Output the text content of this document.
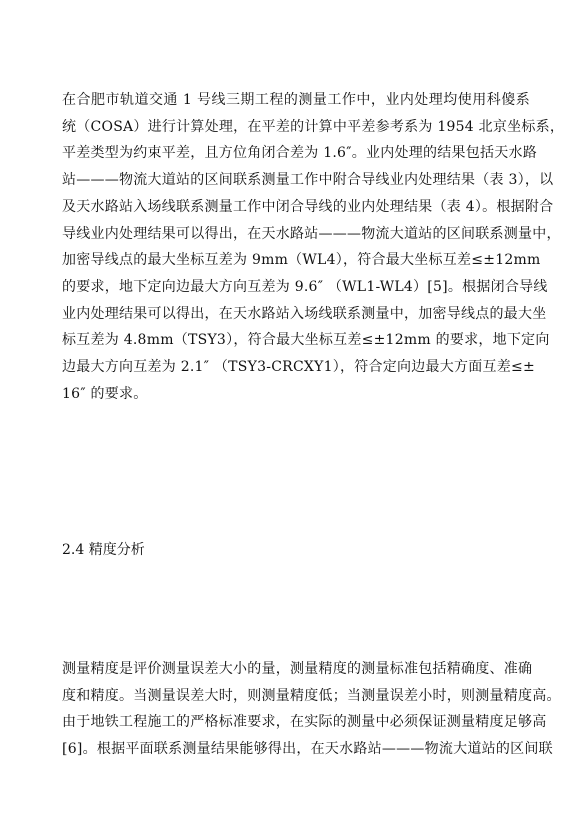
在合肥市轨道交通 1 号线三期工程的测量工作中，业内处理均使用科傻系
统（COSA）进行计算处理，在平差的计算中平差参考系为 1954 北京坐标系，
平差类型为约束平差，且方位角闭合差为 1.6″。业内处理的结果包括天水路
站———物流大道站的区间联系测量工作中附合导线业内处理结果（表 3），以
及天水路站入场线联系测量工作中闭合导线的业内处理结果（表 4）。根据附合
导线业内处理结果可以得出，在天水路站———物流大道站的区间联系测量中，
加密导线点的最大坐标互差为 9mm（WL4），符合最大坐标互差≤±12mm
的要求，地下定向边最大方向互差为 9.6″ （WL1-WL4）[5]。根据闭合导线
业内处理结果可以得出，在天水路站入场线联系测量中，加密导线点的最大坐
标互差为 4.8mm（TSY3），符合最大坐标互差≤±12mm 的要求，地下定向
边最大方向互差为 2.1″ （TSY3-CRCXY1），符合定向边最大方面互差≤±
16″ 的要求。
2.4 精度分析
测量精度是评价测量误差大小的量，测量精度的测量标准包括精确度、准确
度和精度。当测量误差大时，则测量精度低；当测量误差小时，则测量精度高。
由于地铁工程施工的严格标准要求，在实际的测量中必须保证测量精度足够高
[6]。根据平面联系测量结果能够得出，在天水路站———物流大道站的区间联
